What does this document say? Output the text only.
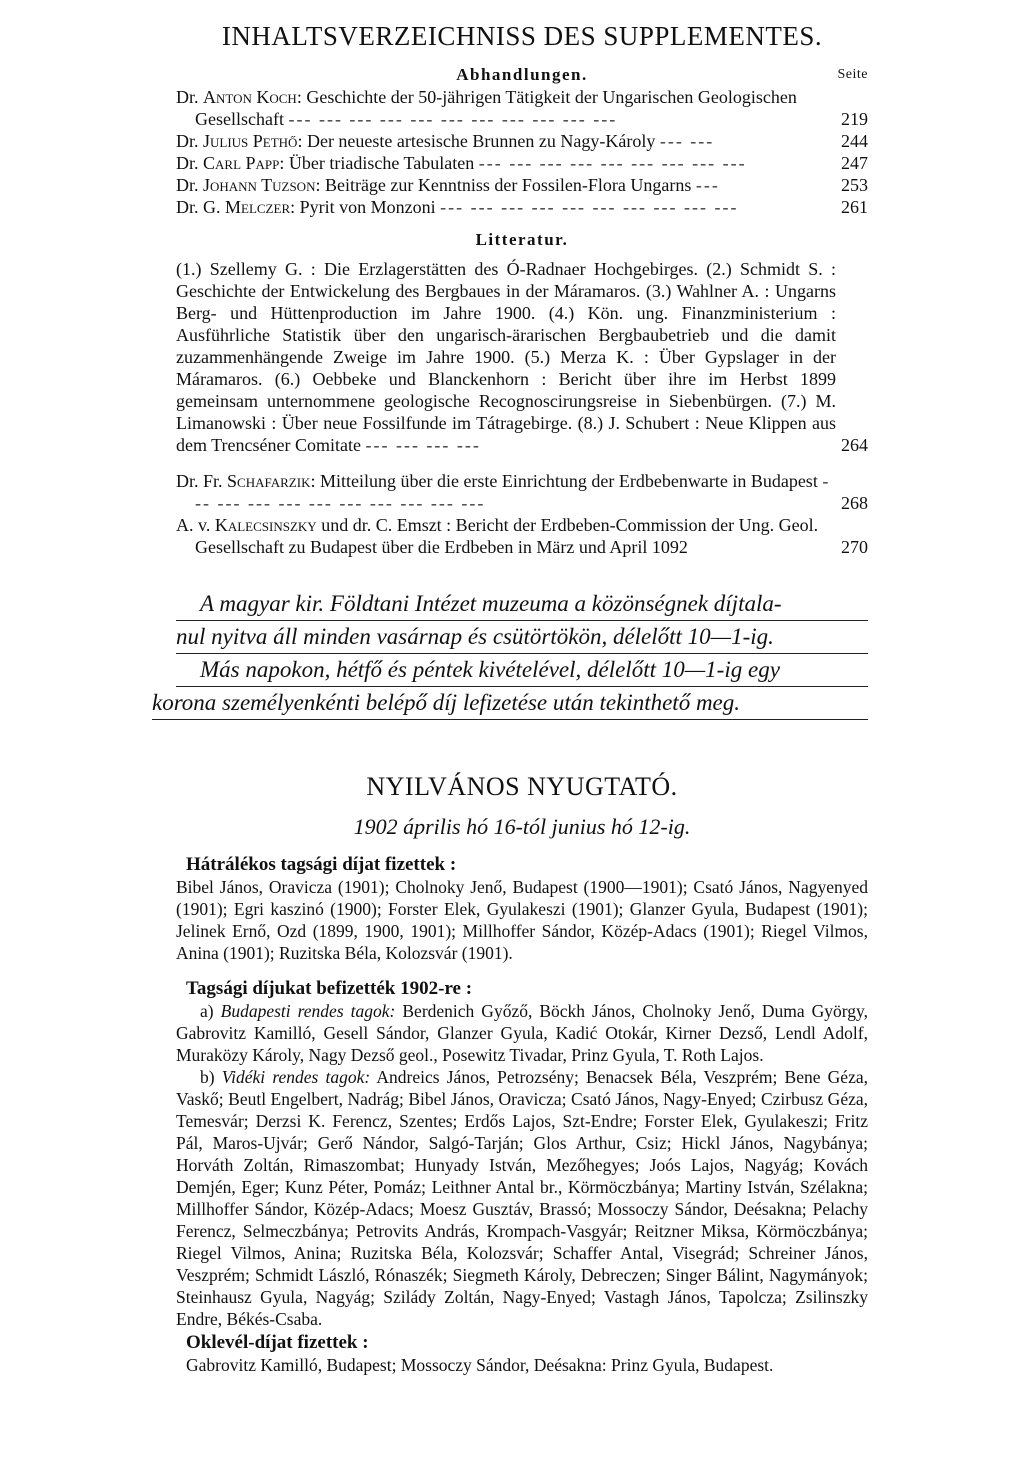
INHALTSVERZEICHNISS DES SUPPLEMENTES.
Abhandlungen.	Seite
Dr. Anton Koch: Geschichte der 50-jährigen Tätigkeit der Ungarischen Geologischen Gesellschaft --- --- --- --- --- --- --- --- --- --- ---	219
Dr. Julius Pethő: Der neueste artesische Brunnen zu Nagy-Károly --- ---	244
Dr. Carl Papp: Über triadische Tabulaten --- --- --- --- --- --- --- --- ---	247
Dr. Johann Tuzson: Beiträge zur Kenntniss der Fossilen-Flora Ungarns ---	253
Dr. G. Melczer: Pyrit von Monzoni --- --- --- --- --- --- --- --- --- ---	261
Litteratur.
(1.) Szellemy G. : Die Erzlagerstätten des Ó-Radnaer Hochgebirges. (2.) Schmidt S. : Geschichte der Entwickelung des Bergbaues in der Máramaros. (3.) Wahlner A. : Ungarns Berg- und Hüttenproduction im Jahre 1900. (4.) Kön. ung. Finanzministerium : Ausführliche Statistik über den ungarisch-ärarischen Bergbaubetrieb und die damit zuzammenhängende Zweige im Jahre 1900. (5.) Merza K. : Über Gypslager in der Máramaros. (6.) Oebbeke und Blanckenhorn : Bericht über ihre im Herbst 1899 gemeinsam unternommene geologische Recognoscirungsreise in Siebenbürgen. (7.) M. Limanowski : Über neue Fossilfunde im Tátragebirge. (8.) J. Schubert : Neue Klippen aus dem Trencséner Comitate --- --- --- ---	264
Dr. Fr. Schafarzik: Mitteilung über die erste Einrichtung der Erdbebenwarte in Budapest --- --- --- --- --- --- --- --- --- ---	268
A. v. Kalecsinszky und dr. C. Emszt : Bericht der Erdbeben-Commission der Ung. Geol. Gesellschaft zu Budapest über die Erdbeben in März und April 1092	270
A magyar kir. Földtani Intézet muzeuma a közönségnek díjtala-
nul nyitva áll minden vasárnap és csütörtökön, délelőtt 10—1-ig.
Más napokon, hétfő és péntek kivételével, délelőtt 10—1-ig egy
korona személyenkénti belépő díj lefizetése után tekinthető meg.
NYILVÁNOS NYUGTATÓ.
1902 április hó 16-tól junius hó 12-ig.
Hátrálékos tagsági díjat fizettek :
Bibel János, Oravicza (1901); Cholnoky Jenő, Budapest (1900—1901); Csató János, Nagyenyed (1901); Egri kaszinó (1900); Forster Elek, Gyulakeszi (1901); Glanzer Gyula, Budapest (1901); Jelinek Ernő, Ozd (1899, 1900, 1901); Millhoffer Sándor, Közép-Adacs (1901); Riegel Vilmos, Anina (1901); Ruzitska Béla, Kolozsvár (1901).
Tagsági díjukat befizették 1902-re :
a) Budapesti rendes tagok: Berdenich Győző, Böckh János, Cholnoky Jenő, Duma György, Gabrovitz Kamilló, Gesell Sándor, Glanzer Gyula, Kadić Otokár, Kirner Dezső, Lendl Adolf, Muraközy Károly, Nagy Dezső geol., Posewitz Tivadar, Prinz Gyula, T. Roth Lajos.
b) Vidéki rendes tagok: Andreics János, Petrozsény; Benacsek Béla, Veszprém; Bene Géza, Vaskő; Beutl Engelbert, Nadrág; Bibel János, Oravicza; Csató János, Nagy-Enyed; Czirbusz Géza, Temesvár; Derzsi K. Ferencz, Szentes; Erdős Lajos, Szt-Endre; Forster Elek, Gyulakeszi; Fritz Pál, Maros-Ujvár; Gerő Nándor, Salgó-Tarján; Glos Arthur, Csiz; Hickl János, Nagybánya; Horváth Zoltán, Rimaszombat; Hunyady István, Mezőhegyes; Joós Lajos, Nagyág; Kovách Demjén, Eger; Kunz Péter, Pomáz; Leithner Antal br., Körmöczbánya; Martiny István, Szélakna; Millhoffer Sándor, Közép-Adacs; Moesz Gusztáv, Brassó; Mossoczy Sándor, Deésakna; Pelachy Ferencz, Selmeczbánya; Petrovits András, Krompach-Vasgyár; Reitzner Miksa, Körmöczbánya; Riegel Vilmos, Anina; Ruzitska Béla, Kolozsvár; Schaffer Antal, Visegrád; Schreiner János, Veszprém; Schmidt László, Rónaszék; Siegmeth Károly, Debreczen; Singer Bálint, Nagymányok; Steinhausz Gyula, Nagyág; Szilády Zoltán, Nagy-Enyed; Vastagh János, Tapolcza; Zsilinszky Endre, Békés-Csaba.
Oklevél-díjat fizettek :
Gabrovitz Kamilló, Budapest; Mossoczy Sándor, Deésakna: Prinz Gyula, Budapest.
